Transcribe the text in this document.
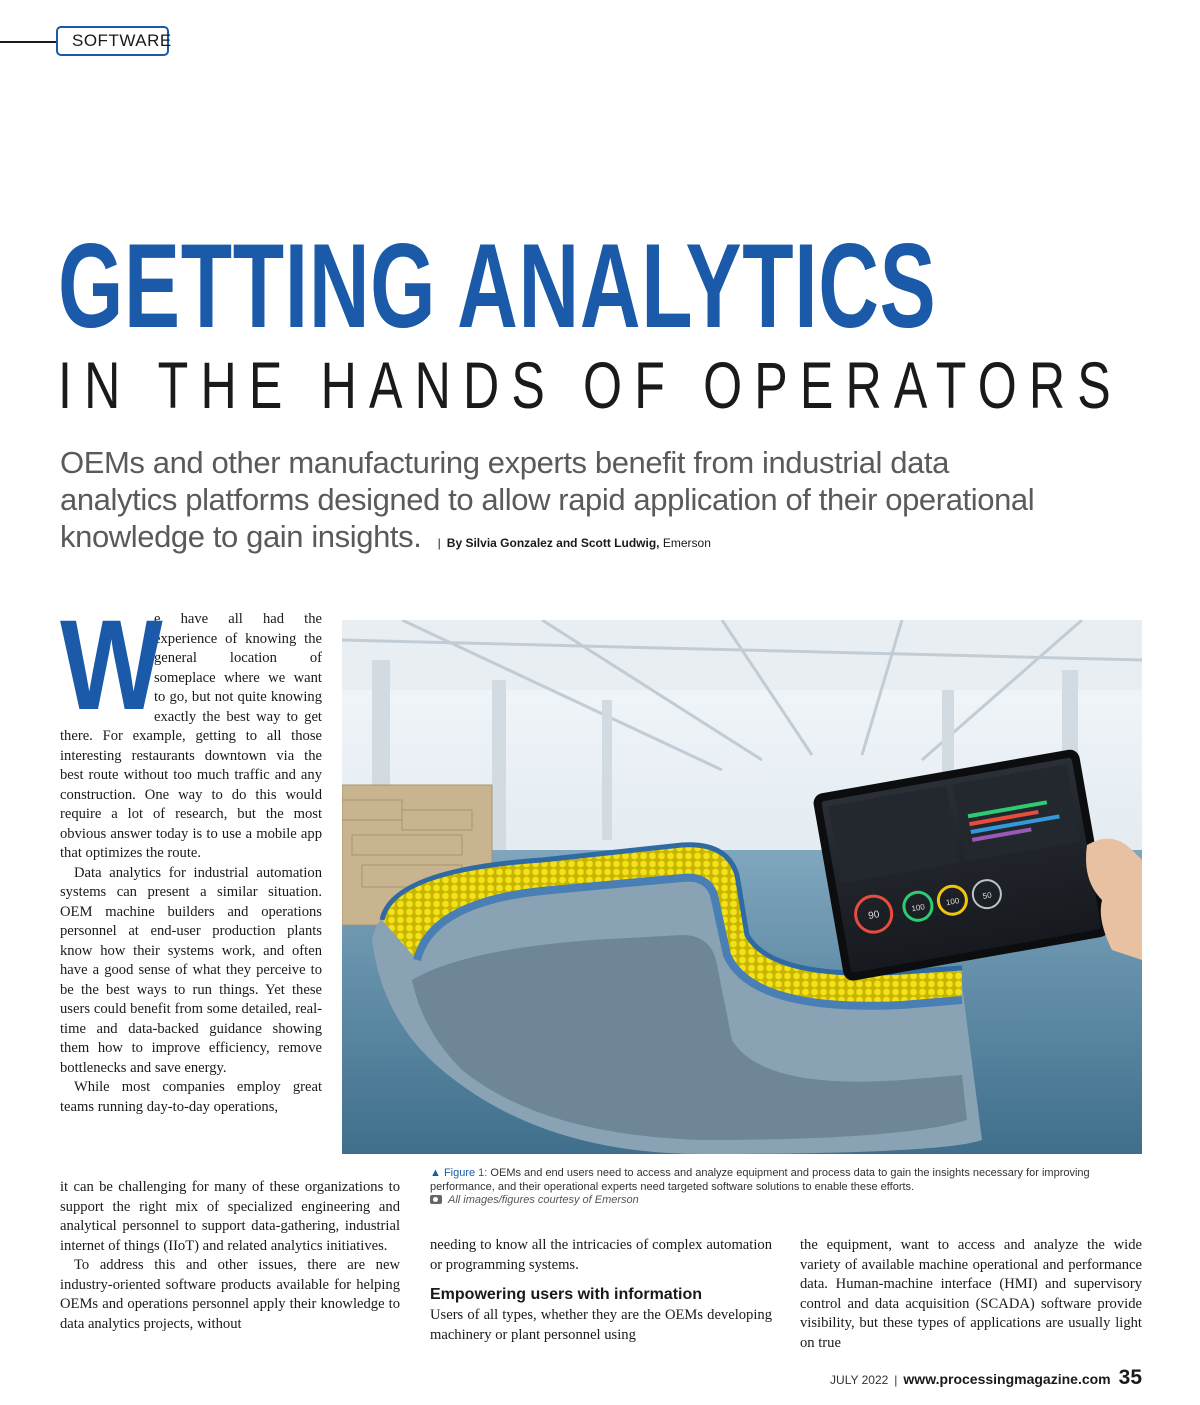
SOFTWARE
GETTING ANALYTICS
IN THE HANDS OF OPERATORS
OEMs and other manufacturing experts benefit from industrial data analytics platforms designed to allow rapid application of their operational knowledge to gain insights. | By Silvia Gonzalez and Scott Ludwig, Emerson
W

e have all had the experience of knowing the general location of someplace where we want to go, but not quite knowing exactly the best way to get there. For example, getting to all those interesting restaurants downtown via the best route without too much traffic and any construction. One way to do this would require a lot of research, but the most obvious answer today is to use a mobile app that optimizes the route.

Data analytics for industrial automation systems can present a similar situation. OEM machine builders and operations personnel at end-user production plants know how their systems work, and often have a good sense of what they perceive to be the best ways to run things. Yet these users could benefit from some detailed, real-time and data-backed guidance showing them how to improve efficiency, remove bottlenecks and save energy.

While most companies employ great teams running day-to-day operations,

90
100
100
50
▲ Figure 1: OEMs and end users need to access and analyze equipment and process data to gain the insights necessary for improving performance, and their operational experts need targeted software solutions to enable these efforts.
All images/figures courtesy of Emerson

it can be challenging for many of these organizations to support the right mix of specialized engineering and analytical personnel to support data-gathering, industrial internet of things (IIoT) and related analytics initiatives.

To address this and other issues, there are new industry-oriented software products available for helping OEMs and operations personnel apply their knowledge to data analytics projects, without

needing to know all the intricacies of complex automation or programming systems.

Empowering users with information

Users of all types, whether they are the OEMs developing machinery or plant personnel using

the equipment, want to access and analyze the wide variety of available machine operational and performance data. Human-machine interface (HMI) and supervisory control and data acquisition (SCADA) software provide visibility, but these types of applications are usually light on true

JULY 2022 | www.processingmagazine.com 35
